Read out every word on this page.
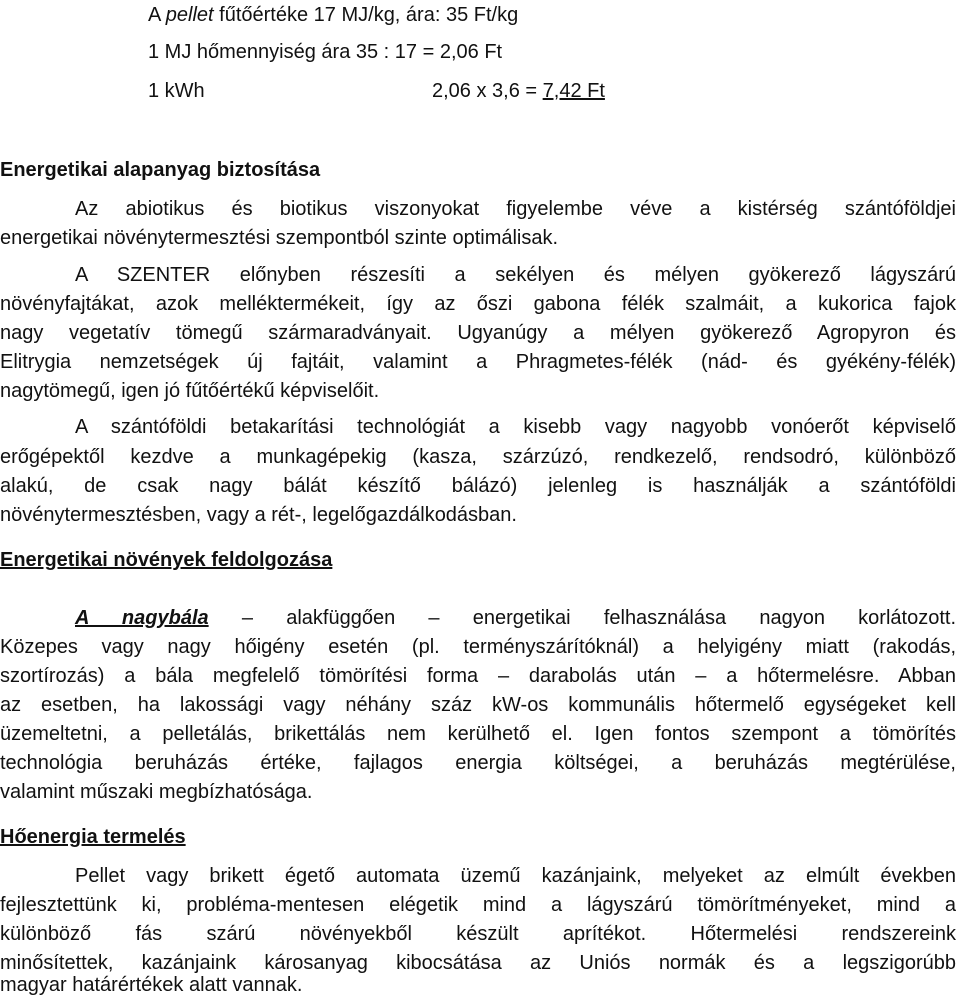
A pellet fűtőértéke 17 MJ/kg, ára: 35 Ft/kg
1 MJ hőmennyiség ára 35 : 17 = 2,06 Ft
1 kWh	2,06 x 3,6 = 7,42 Ft
Energetikai alapanyag biztosítása
Az abiotikus és biotikus viszonyokat figyelembe véve a kistérség szántóföldjei
energetikai növénytermesztési szempontból szinte optimálisak.
A SZENTER előnyben részesíti a sekélyen és mélyen gyökerező lágyszárú
növényfajtákat, azok melléktermékeit, így az őszi gabona félék szalmáit, a kukorica fajok
nagy vegetatív tömegű szármaradványait. Ugyanúgy a mélyen gyökerező Agropyron és
Elitrygia nemzetségek új fajtáit, valamint a Phragmetes-félék (nád- és gyékény-félék)
nagytömegű, igen jó fűtőértékű képviselőit.
A szántóföldi betakarítási technológiát a kisebb vagy nagyobb vonóerőt képviselő
erőgépektől kezdve a munkagépekig (kasza, szárzúzó, rendkezelő, rendsodró, különböző
alakú, de csak nagy bálát készítő bálázó) jelenleg is használják a szántóföldi
növénytermesztésben, vagy a rét-, legelőgazdálkodásban.
Energetikai növények feldolgozása
A nagybála – alakfüggően – energetikai felhasználása nagyon korlátozott.
Közepes vagy nagy hőigény esetén (pl. terményszárítóknál) a helyigény miatt (rakodás,
szortírozás) a bála megfelelő tömörítési forma – darabolás után – a hőtermelésre. Abban
az esetben, ha lakossági vagy néhány száz kW-os kommunális hőtermelő egységeket kell
üzemeltetni, a pelletálás, brikettálás nem kerülhető el. Igen fontos szempont a tömörítés
technológia beruházás értéke, fajlagos energia költségei, a beruházás megtérülése,
valamint műszaki megbízhatósága.
Hőenergia termelés
Pellet vagy brikett égető automata üzemű kazánjaink, melyeket az elmúlt években
fejlesztettünk ki, probléma-mentesen elégetik mind a lágyszárú tömörítményeket, mind a
különböző fás szárú növényekből készült aprítékot. Hőtermelési rendszereink
minősítettek, kazánjaink károsanyag kibocsátása az Uniós normák és a legszigorúbb
magyar határértékek alatt vannak.
